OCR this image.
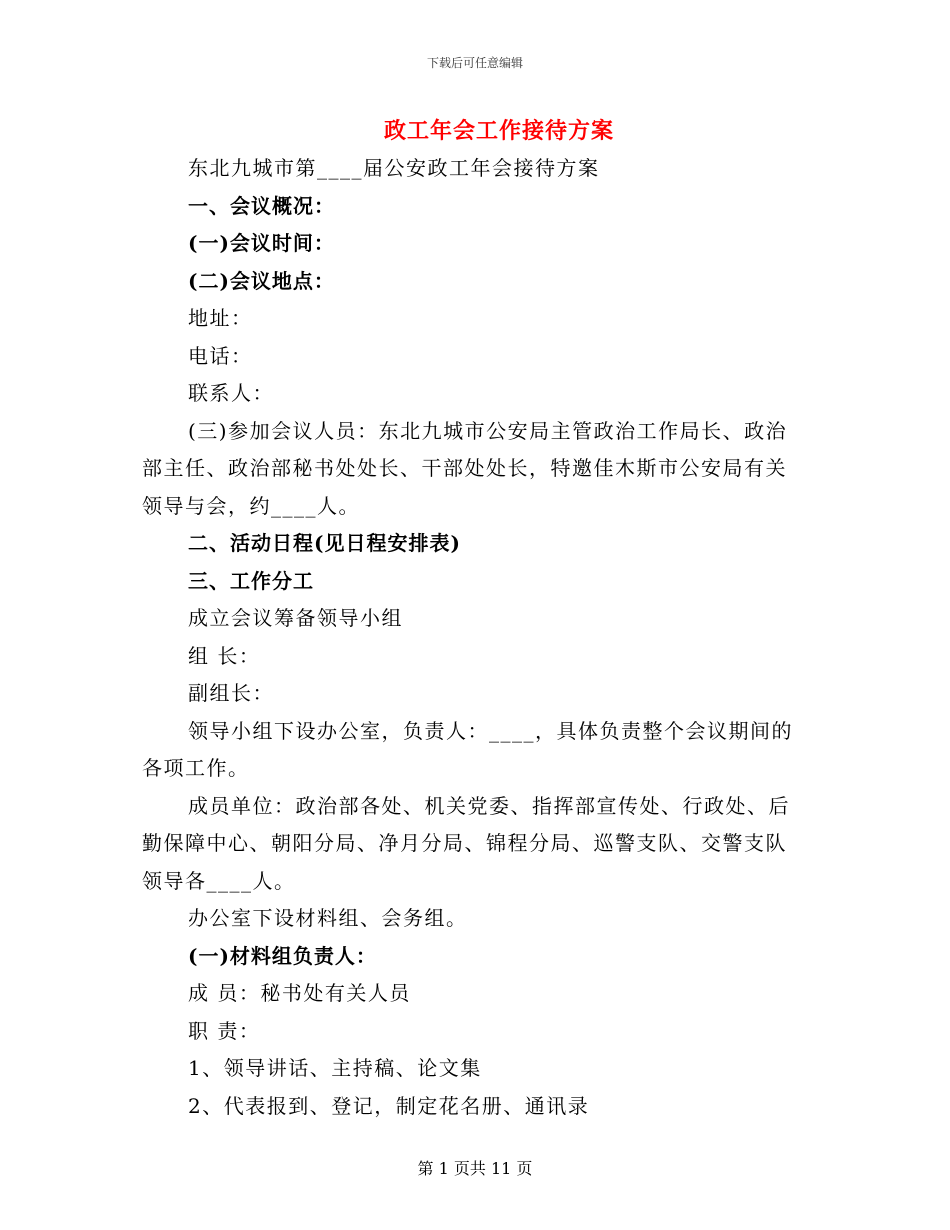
下载后可任意编辑
政工年会工作接待方案

东北九城市第____届公安政工年会接待方案

一、会议概况：

(一)会议时间：

(二)会议地点：

地址：

电话：

联系人：

(三)参加会议人员：东北九城市公安局主管政治工作局长、政治部主任、政治部秘书处处长、干部处处长，特邀佳木斯市公安局有关领导与会，约____人。

二、活动日程(见日程安排表)

三、工作分工

成立会议筹备领导小组

组 长：

副组长：

领导小组下设办公室，负责人：____，具体负责整个会议期间的各项工作。

成员单位：政治部各处、机关党委、指挥部宣传处、行政处、后勤保障中心、朝阳分局、净月分局、锦程分局、巡警支队、交警支队领导各____人。

办公室下设材料组、会务组。

(一)材料组负责人：

成 员：秘书处有关人员

职 责：

1、领导讲话、主持稿、论文集

2、代表报到、登记，制定花名册、通讯录

第 1 页共 11 页
